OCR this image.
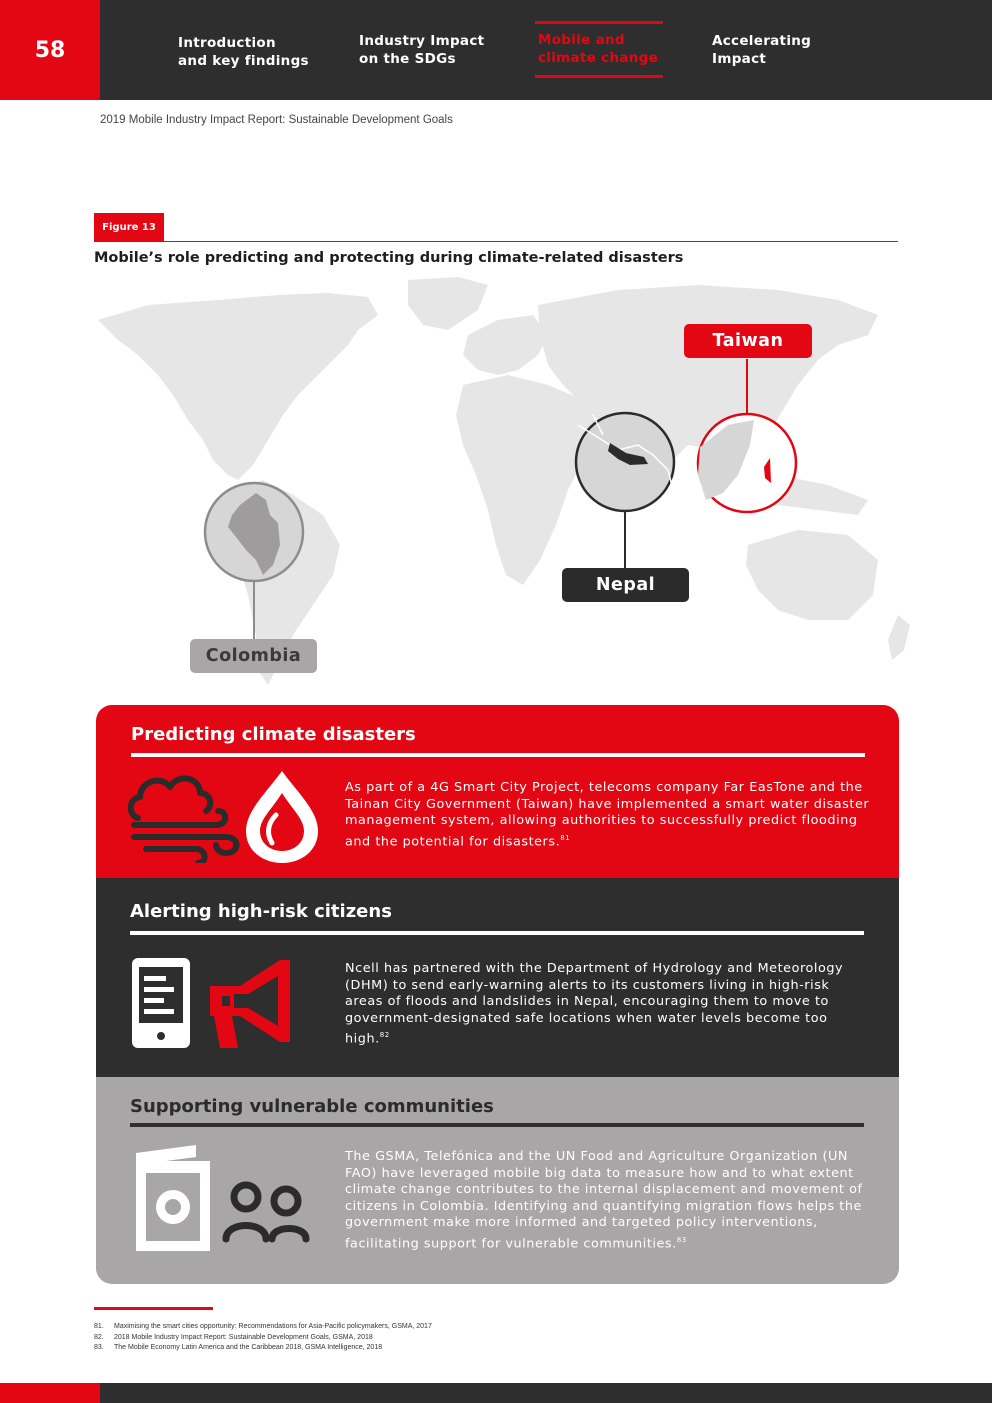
58	Introduction
and key findings
Industry Impact
on the SDGs
Mobile and
climate change
Accelerating
Impact
2019 Mobile Industry Impact Report: Sustainable Development Goals
Figure 13
Mobile’s role predicting and protecting during climate-related disasters
Taiwan
Nepal
Colombia
Predicting climate disasters
As part of a 4G Smart City Project, telecoms company Far EasTone and the Tainan City Government (Taiwan) have implemented a smart water disaster management system, allowing authorities to successfully predict flooding and the potential for disasters.$^{81}$
Alerting high-risk citizens
Ncell has partnered with the Department of Hydrology and Meteorology (DHM) to send early-warning alerts to its customers living in high-risk areas of floods and landslides in Nepal, encouraging them to move to government-designated safe locations when water levels become too high.$^{82}$
Supporting vulnerable communities
The GSMA, Telefónica and the UN Food and Agriculture Organization (UN FAO) have leveraged mobile big data to measure how and to what extent climate change contributes to the internal displacement and movement of citizens in Colombia. Identifying and quantifying migration flows helps the government make more informed and targeted policy interventions, facilitating support for vulnerable communities.$^{83}$
81. Maximising the smart cities opportunity: Recommendations for Asia-Pacific policymakers, GSMA, 2017
82. 2018 Mobile Industry Impact Report: Sustainable Development Goals, GSMA, 2018
83. The Mobile Economy Latin America and the Caribbean 2018, GSMA Intelligence, 2018
